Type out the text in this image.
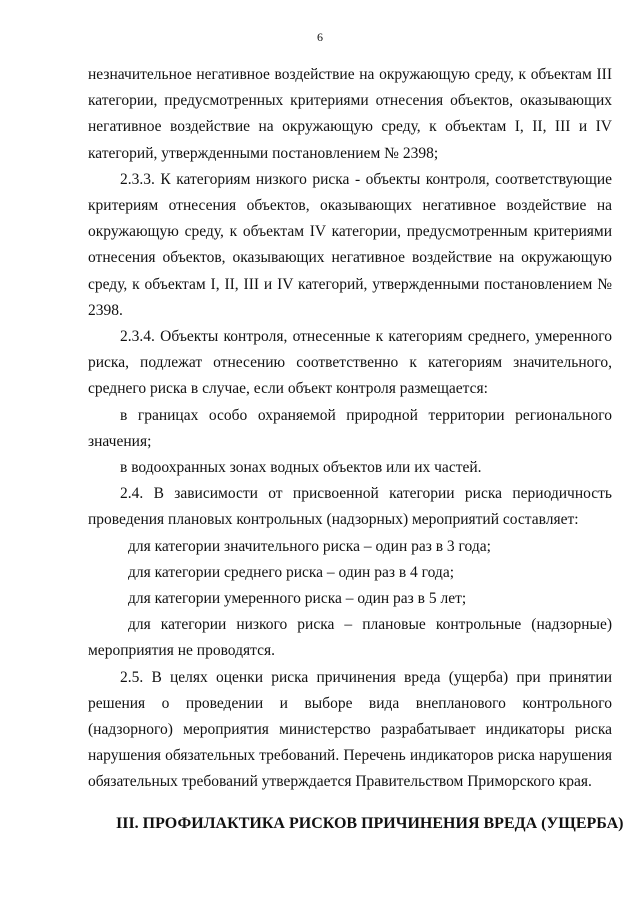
6

незначительное негативное воздействие на окружающую среду, к объектам III категории, предусмотренных критериями отнесения объектов, оказывающих негативное воздействие на окружающую среду, к объектам I, II, III и IV категорий, утвержденными постановлением № 2398;

2.3.3. К категориям низкого риска - объекты контроля, соответствующие критериям отнесения объектов, оказывающих негативное воздействие на окружающую среду, к объектам IV категории, предусмотренным критериями отнесения объектов, оказывающих негативное воздействие на окружающую среду, к объектам I, II, III и IV категорий, утвержденными постановлением № 2398.

2.3.4. Объекты контроля, отнесенные к категориям среднего, умеренного риска, подлежат отнесению соответственно к категориям значительного, среднего риска в случае, если объект контроля размещается:

в границах особо охраняемой природной территории регионального значения;

в водоохранных зонах водных объектов или их частей.

2.4. В зависимости от присвоенной категории риска периодичность проведения плановых контрольных (надзорных) мероприятий составляет:

для категории значительного риска – один раз в 3 года;

для категории среднего риска – один раз в 4 года;

для категории умеренного риска – один раз в 5 лет;

для категории низкого риска – плановые контрольные (надзорные) мероприятия не проводятся.

2.5. В целях оценки риска причинения вреда (ущерба) при принятии решения о проведении и выборе вида внепланового контрольного (надзорного) мероприятия министерство разрабатывает индикаторы риска нарушения обязательных требований. Перечень индикаторов риска нарушения обязательных требований утверждается Правительством Приморского края.

III. ПРОФИЛАКТИКА РИСКОВ ПРИЧИНЕНИЯ ВРЕДА (УЩЕРБА)
